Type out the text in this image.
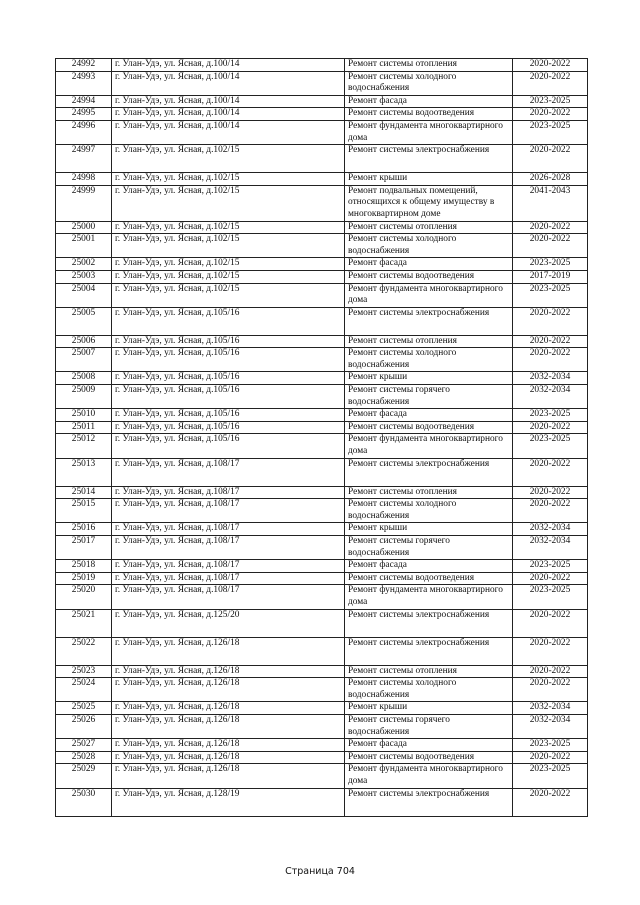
24992	г. Улан-Удэ, ул. Ясная, д.100/14	Ремонт системы отопления	2020-2022
24993	г. Улан-Удэ, ул. Ясная, д.100/14	Ремонт системы холодного водоснабжения	2020-2022
24994	г. Улан-Удэ, ул. Ясная, д.100/14	Ремонт фасада	2023-2025
24995	г. Улан-Удэ, ул. Ясная, д.100/14	Ремонт системы водоотведения	2020-2022
24996	г. Улан-Удэ, ул. Ясная, д.100/14	Ремонт фундамента многоквартирного дома	2023-2025
24997	г. Улан-Удэ, ул. Ясная, д.102/15	Ремонт системы электроснабжения	2020-2022
24998	г. Улан-Удэ, ул. Ясная, д.102/15	Ремонт крыши	2026-2028
24999	г. Улан-Удэ, ул. Ясная, д.102/15	Ремонт подвальных помещений, относящихся к общему имуществу в многоквартирном доме	2041-2043
25000	г. Улан-Удэ, ул. Ясная, д.102/15	Ремонт системы отопления	2020-2022
25001	г. Улан-Удэ, ул. Ясная, д.102/15	Ремонт системы холодного водоснабжения	2020-2022
25002	г. Улан-Удэ, ул. Ясная, д.102/15	Ремонт фасада	2023-2025
25003	г. Улан-Удэ, ул. Ясная, д.102/15	Ремонт системы водоотведения	2017-2019
25004	г. Улан-Удэ, ул. Ясная, д.102/15	Ремонт фундамента многоквартирного дома	2023-2025
25005	г. Улан-Удэ, ул. Ясная, д.105/16	Ремонт системы электроснабжения	2020-2022
25006	г. Улан-Удэ, ул. Ясная, д.105/16	Ремонт системы отопления	2020-2022
25007	г. Улан-Удэ, ул. Ясная, д.105/16	Ремонт системы холодного водоснабжения	2020-2022
25008	г. Улан-Удэ, ул. Ясная, д.105/16	Ремонт крыши	2032-2034
25009	г. Улан-Удэ, ул. Ясная, д.105/16	Ремонт системы горячего водоснабжения	2032-2034
25010	г. Улан-Удэ, ул. Ясная, д.105/16	Ремонт фасада	2023-2025
25011	г. Улан-Удэ, ул. Ясная, д.105/16	Ремонт системы водоотведения	2020-2022
25012	г. Улан-Удэ, ул. Ясная, д.105/16	Ремонт фундамента многоквартирного дома	2023-2025
25013	г. Улан-Удэ, ул. Ясная, д.108/17	Ремонт системы электроснабжения	2020-2022
25014	г. Улан-Удэ, ул. Ясная, д.108/17	Ремонт системы отопления	2020-2022
25015	г. Улан-Удэ, ул. Ясная, д.108/17	Ремонт системы холодного водоснабжения	2020-2022
25016	г. Улан-Удэ, ул. Ясная, д.108/17	Ремонт крыши	2032-2034
25017	г. Улан-Удэ, ул. Ясная, д.108/17	Ремонт системы горячего водоснабжения	2032-2034
25018	г. Улан-Удэ, ул. Ясная, д.108/17	Ремонт фасада	2023-2025
25019	г. Улан-Удэ, ул. Ясная, д.108/17	Ремонт системы водоотведения	2020-2022
25020	г. Улан-Удэ, ул. Ясная, д.108/17	Ремонт фундамента многоквартирного дома	2023-2025
25021	г. Улан-Удэ, ул. Ясная, д.125/20	Ремонт системы электроснабжения	2020-2022
25022	г. Улан-Удэ, ул. Ясная, д.126/18	Ремонт системы электроснабжения	2020-2022
25023	г. Улан-Удэ, ул. Ясная, д.126/18	Ремонт системы отопления	2020-2022
25024	г. Улан-Удэ, ул. Ясная, д.126/18	Ремонт системы холодного водоснабжения	2020-2022
25025	г. Улан-Удэ, ул. Ясная, д.126/18	Ремонт крыши	2032-2034
25026	г. Улан-Удэ, ул. Ясная, д.126/18	Ремонт системы горячего водоснабжения	2032-2034
25027	г. Улан-Удэ, ул. Ясная, д.126/18	Ремонт фасада	2023-2025
25028	г. Улан-Удэ, ул. Ясная, д.126/18	Ремонт системы водоотведения	2020-2022
25029	г. Улан-Удэ, ул. Ясная, д.126/18	Ремонт фундамента многоквартирного дома	2023-2025
25030	г. Улан-Удэ, ул. Ясная, д.128/19	Ремонт системы электроснабжения	2020-2022
Страница 704
